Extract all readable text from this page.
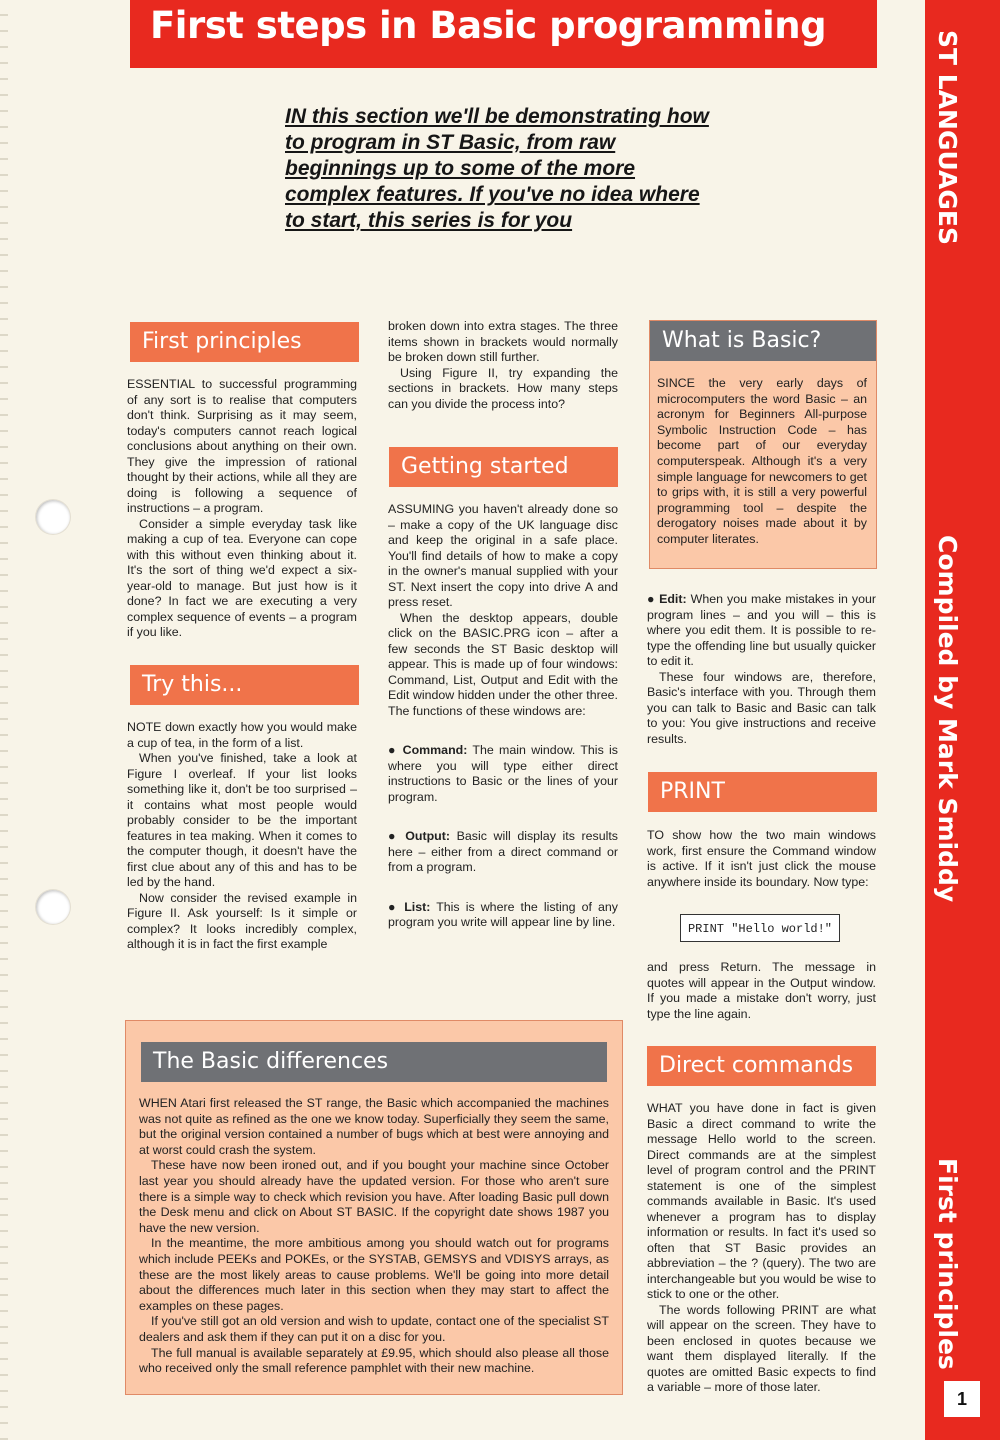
First steps in Basic programming

IN this section we'll be demonstrating how to program in ST Basic, from raw beginnings up to some of the more complex features. If you've no idea where to start, this series is for you	ST LANGUAGES
Compiled by Mark Smiddy
First principles
1
First principles

ESSENTIAL to successful programming of any sort is to realise that computers don't think. Surprising as it may seem, today's computers cannot reach logical conclusions about anything on their own. They give the impression of rational thought by their actions, while all they are doing is following a sequence of instructions – a program.

Consider a simple everyday task like making a cup of tea. Everyone can cope with this without even thinking about it. It's the sort of thing we'd expect a six-year-old to manage. But just how is it done? In fact we are executing a very complex sequence of events – a program if you like.

Try this...

NOTE down exactly how you would make a cup of tea, in the form of a list.

When you've finished, take a look at Figure I overleaf. If your list looks something like it, don't be too surprised – it contains what most people would probably consider to be the important features in tea making. When it comes to the computer though, it doesn't have the first clue about any of this and has to be led by the hand.

Now consider the revised example in Figure II. Ask yourself: Is it simple or complex? It looks incredibly complex, although it is in fact the first example

broken down into extra stages. The three items shown in brackets would normally be broken down still further.

Using Figure II, try expanding the sections in brackets. How many steps can you divide the process into?

Getting started

ASSUMING you haven't already done so – make a copy of the UK language disc and keep the original in a safe place. You'll find details of how to make a copy in the owner's manual supplied with your ST. Next insert the copy into drive A and press reset.

When the desktop appears, double click on the BASIC.PRG icon – after a few seconds the ST Basic desktop will appear. This is made up of four windows: Command, List, Output and Edit with the Edit window hidden under the other three. The functions of these windows are:

● Command: The main window. This is where you will type either direct instructions to Basic or the lines of your program.

● Output: Basic will display its results here – either from a direct command or from a program.

● List: This is where the listing of any program you write will appear line by line.

What is Basic?

SINCE the very early days of microcomputers the word Basic – an acronym for Beginners All-purpose Symbolic Instruction Code – has become part of our everyday computerspeak. Although it's a very simple language for newcomers to get to grips with, it is still a very powerful programming tool – despite the derogatory noises made about it by computer literates.

● Edit: When you make mistakes in your program lines – and you will – this is where you edit them. It is possible to re-type the offending line but usually quicker to edit it.

These four windows are, therefore, Basic's interface with you. Through them you can talk to Basic and Basic can talk to you: You give instructions and receive results.

PRINT

TO show how the two main windows work, first ensure the Command window is active. If it isn't just click the mouse anywhere inside its boundary. Now type:

PRINT "Hello world!"

and press Return. The message in quotes will appear in the Output window. If you made a mistake don't worry, just type the line again.

Direct commands

WHAT you have done in fact is given Basic a direct command to write the message Hello world to the screen. Direct commands are at the simplest level of program control and the PRINT statement is one of the simplest commands available in Basic. It's used whenever a program has to display information or results. In fact it's used so often that ST Basic provides an abbreviation – the ? (query). The two are interchangeable but you would be wise to stick to one or the other.

The words following PRINT are what will appear on the screen. They have to been enclosed in quotes because we want them displayed literally. If the quotes are omitted Basic expects to find a variable – more of those later.

The Basic differences

WHEN Atari first released the ST range, the Basic which accompanied the machines was not quite as refined as the one we know today. Superficially they seem the same, but the original version contained a number of bugs which at best were annoying and at worst could crash the system.

These have now been ironed out, and if you bought your machine since October last year you should already have the updated version. For those who aren't sure there is a simple way to check which revision you have. After loading Basic pull down the Desk menu and click on About ST BASIC. If the copyright date shows 1987 you have the new version.

In the meantime, the more ambitious among you should watch out for programs which include PEEKs and POKEs, or the SYSTAB, GEMSYS and VDISYS arrays, as these are the most likely areas to cause problems. We'll be going into more detail about the differences much later in this section when they may start to affect the examples on these pages.

If you've still got an old version and wish to update, contact one of the specialist ST dealers and ask them if they can put it on a disc for you.

The full manual is available separately at £9.95, which should also please all those who received only the small reference pamphlet with their new machine.
